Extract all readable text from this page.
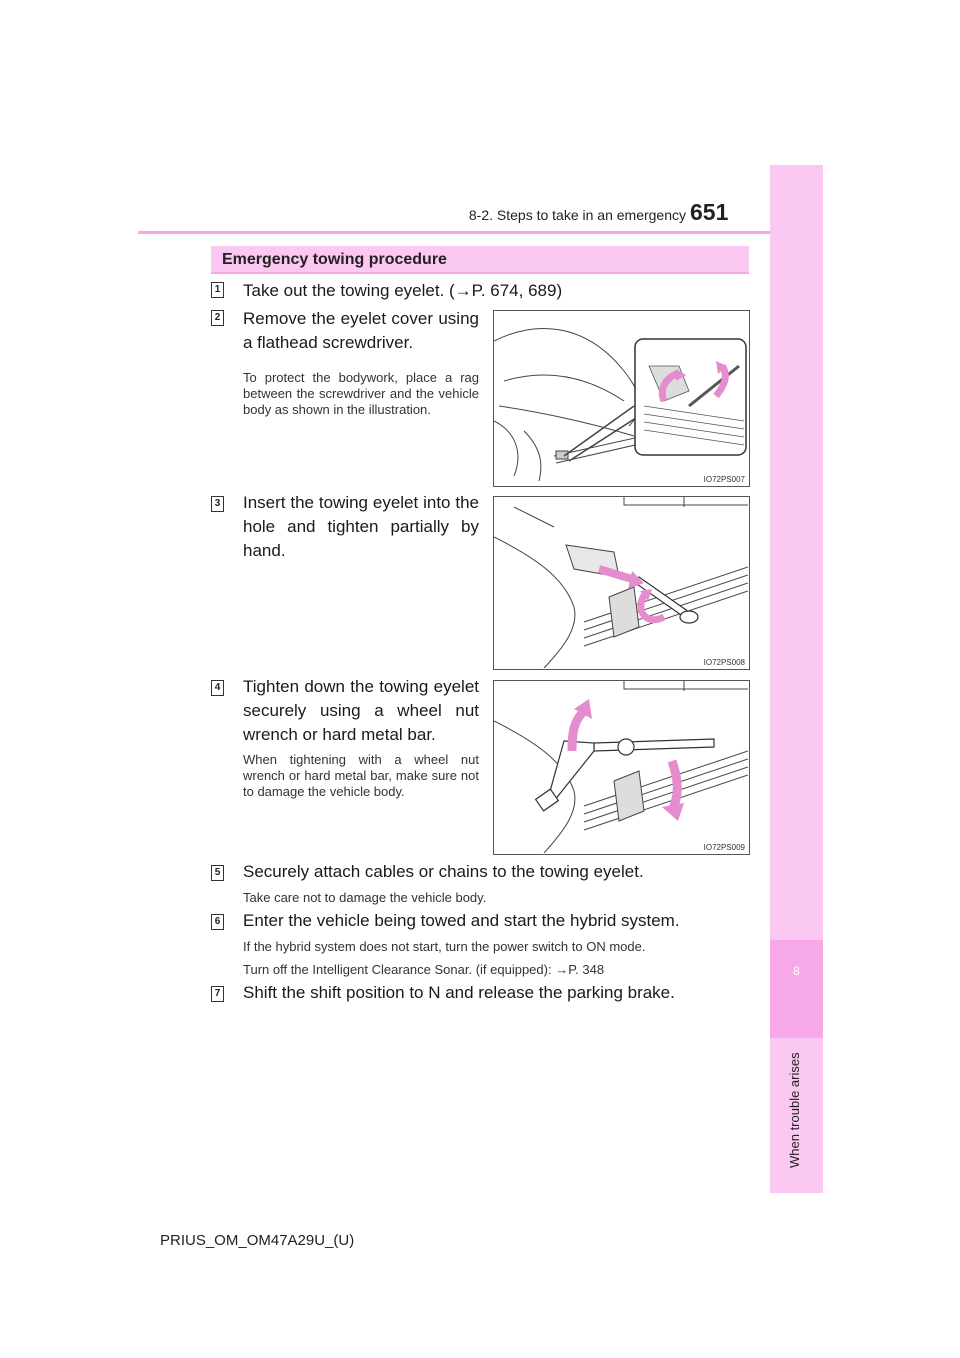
8-2. Steps to take in an emergency 651
8
When trouble arises
Emergency towing procedure
1 Take out the towing eyelet. (→P. 674, 689)
2 Remove the eyelet cover using a flathead screwdriver.
To protect the bodywork, place a rag between the screwdriver and the vehicle body as shown in the illustration.
IO72PS007
3 Insert the towing eyelet into the hole and tighten partially by hand.
IO72PS008
4 Tighten down the towing eyelet securely using a wheel nut wrench or hard metal bar.
When tightening with a wheel nut wrench or hard metal bar, make sure not to damage the vehicle body.
IO72PS009
5 Securely attach cables or chains to the towing eyelet.
Take care not to damage the vehicle body.
6 Enter the vehicle being towed and start the hybrid system.
If the hybrid system does not start, turn the power switch to ON mode.
Turn off the Intelligent Clearance Sonar. (if equipped): →P. 348
7 Shift the shift position to N and release the parking brake.
PRIUS_OM_OM47A29U_(U)
